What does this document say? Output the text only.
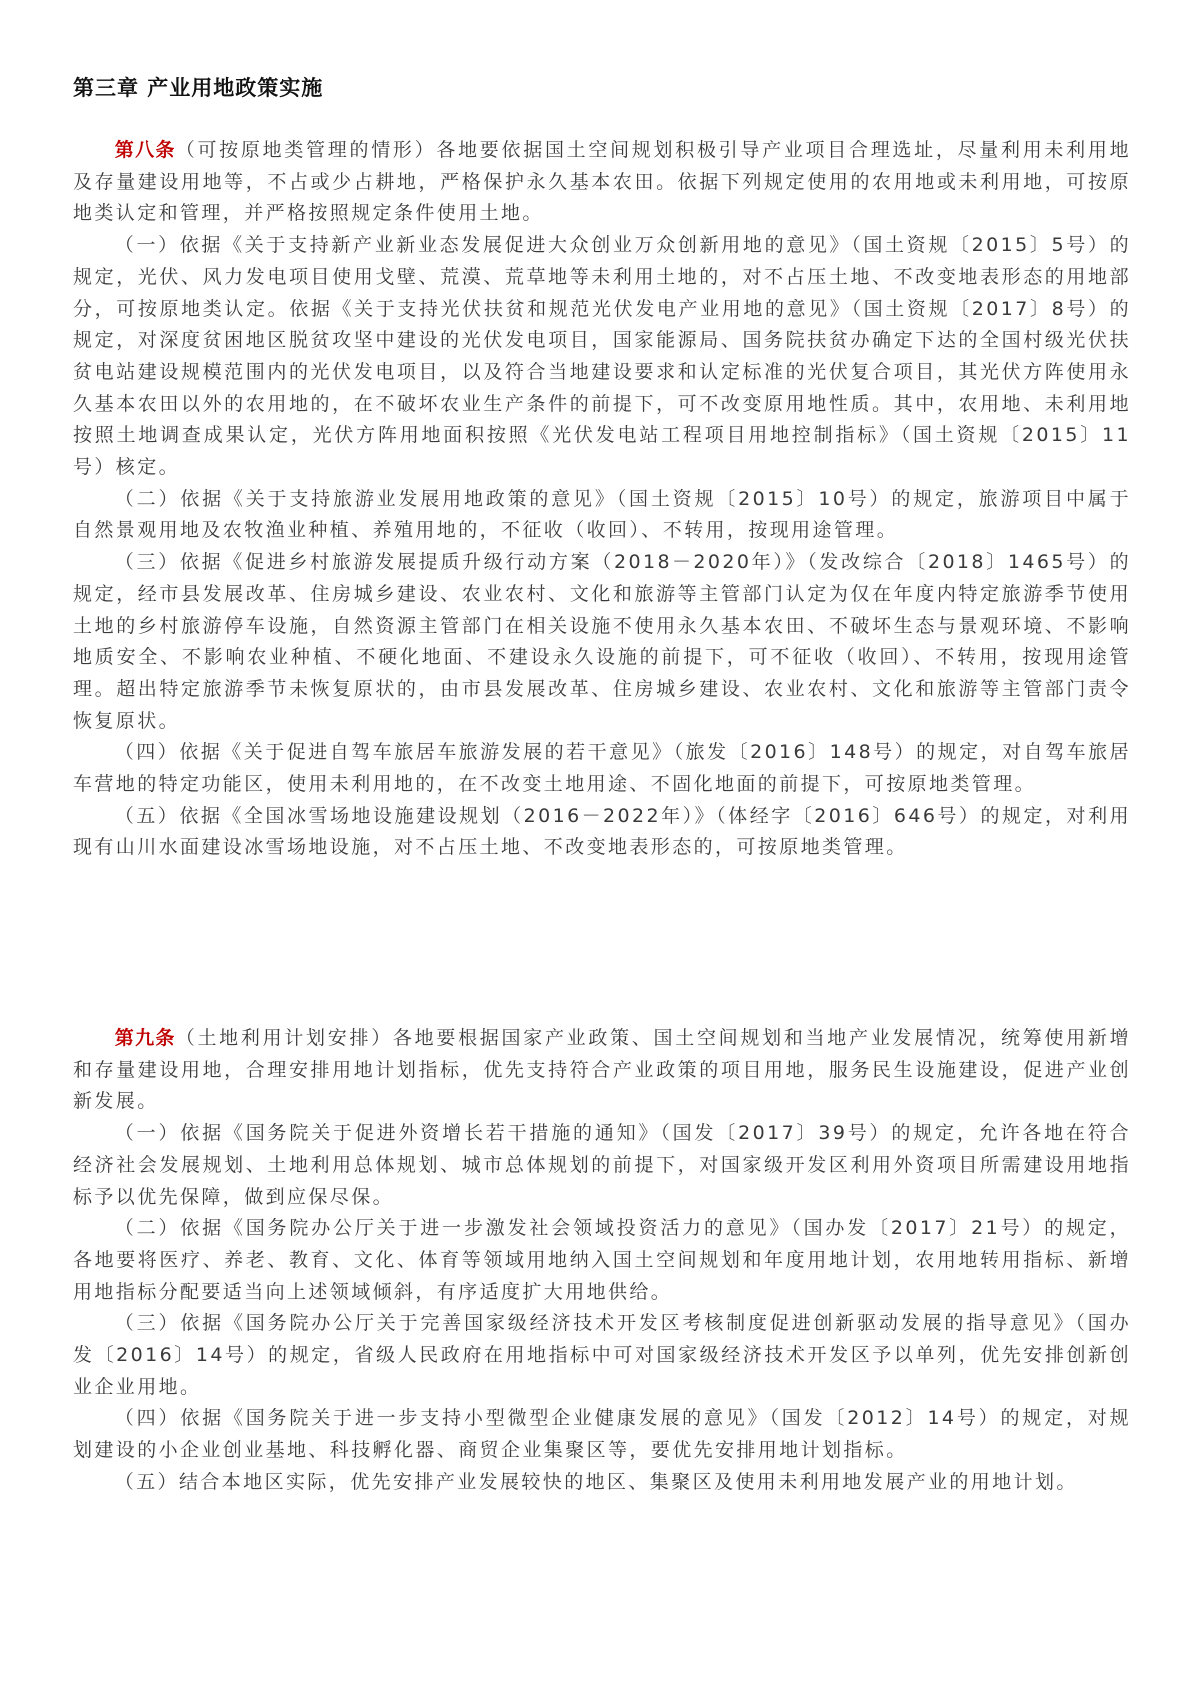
第三章 产业用地政策实施

第八条（可按原地类管理的情形）各地要依据国土空间规划积极引导产业项目合理选址，尽量利用未利用地及存量建设用地等，不占或少占耕地，严格保护永久基本农田。依据下列规定使用的农用地或未利用地，可按原地类认定和管理，并严格按照规定条件使用土地。

（一）依据《关于支持新产业新业态发展促进大众创业万众创新用地的意见》（国土资规〔2015〕5号）的规定，光伏、风力发电项目使用戈壁、荒漠、荒草地等未利用土地的，对不占压土地、不改变地表形态的用地部分，可按原地类认定。依据《关于支持光伏扶贫和规范光伏发电产业用地的意见》（国土资规〔2017〕8号）的规定，对深度贫困地区脱贫攻坚中建设的光伏发电项目，国家能源局、国务院扶贫办确定下达的全国村级光伏扶贫电站建设规模范围内的光伏发电项目，以及符合当地建设要求和认定标准的光伏复合项目，其光伏方阵使用永久基本农田以外的农用地的，在不破坏农业生产条件的前提下，可不改变原用地性质。其中，农用地、未利用地按照土地调查成果认定，光伏方阵用地面积按照《光伏发电站工程项目用地控制指标》（国土资规〔2015〕11号）核定。

（二）依据《关于支持旅游业发展用地政策的意见》（国土资规〔2015〕10号）的规定，旅游项目中属于自然景观用地及农牧渔业种植、养殖用地的，不征收（收回）、不转用，按现用途管理。

（三）依据《促进乡村旅游发展提质升级行动方案（2018－2020年）》（发改综合〔2018〕1465号）的规定，经市县发展改革、住房城乡建设、农业农村、文化和旅游等主管部门认定为仅在年度内特定旅游季节使用土地的乡村旅游停车设施，自然资源主管部门在相关设施不使用永久基本农田、不破坏生态与景观环境、不影响地质安全、不影响农业种植、不硬化地面、不建设永久设施的前提下，可不征收（收回）、不转用，按现用途管理。超出特定旅游季节未恢复原状的，由市县发展改革、住房城乡建设、农业农村、文化和旅游等主管部门责令恢复原状。

（四）依据《关于促进自驾车旅居车旅游发展的若干意见》（旅发〔2016〕148号）的规定，对自驾车旅居车营地的特定功能区，使用未利用地的，在不改变土地用途、不固化地面的前提下，可按原地类管理。

（五）依据《全国冰雪场地设施建设规划（2016－2022年）》（体经字〔2016〕646号）的规定，对利用现有山川水面建设冰雪场地设施，对不占压土地、不改变地表形态的，可按原地类管理。

第九条（土地利用计划安排）各地要根据国家产业政策、国土空间规划和当地产业发展情况，统筹使用新增和存量建设用地，合理安排用地计划指标，优先支持符合产业政策的项目用地，服务民生设施建设，促进产业创新发展。

（一）依据《国务院关于促进外资增长若干措施的通知》（国发〔2017〕39号）的规定，允许各地在符合经济社会发展规划、土地利用总体规划、城市总体规划的前提下，对国家级开发区利用外资项目所需建设用地指标予以优先保障，做到应保尽保。

（二）依据《国务院办公厅关于进一步激发社会领域投资活力的意见》（国办发〔2017〕21号）的规定，各地要将医疗、养老、教育、文化、体育等领域用地纳入国土空间规划和年度用地计划，农用地转用指标、新增用地指标分配要适当向上述领域倾斜，有序适度扩大用地供给。

（三）依据《国务院办公厅关于完善国家级经济技术开发区考核制度促进创新驱动发展的指导意见》（国办发〔2016〕14号）的规定，省级人民政府在用地指标中可对国家级经济技术开发区予以单列，优先安排创新创业企业用地。

（四）依据《国务院关于进一步支持小型微型企业健康发展的意见》（国发〔2012〕14号）的规定，对规划建设的小企业创业基地、科技孵化器、商贸企业集聚区等，要优先安排用地计划指标。

（五）结合本地区实际，优先安排产业发展较快的地区、集聚区及使用未利用地发展产业的用地计划。
